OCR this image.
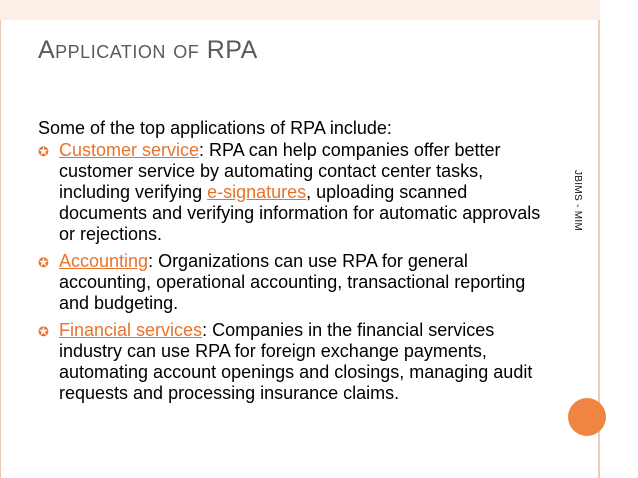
Application of RPA
JBIMS - MIM

Some of the top applications of RPA include:

✪ Customer service: RPA can help companies offer better customer service by automating contact center tasks, including verifying e-signatures, uploading scanned documents and verifying information for automatic approvals or rejections.
✪ Accounting: Organizations can use RPA for general accounting, operational accounting, transactional reporting and budgeting.
✪ Financial services: Companies in the financial services industry can use RPA for foreign exchange payments, automating account openings and closings, managing audit requests and processing insurance claims.
